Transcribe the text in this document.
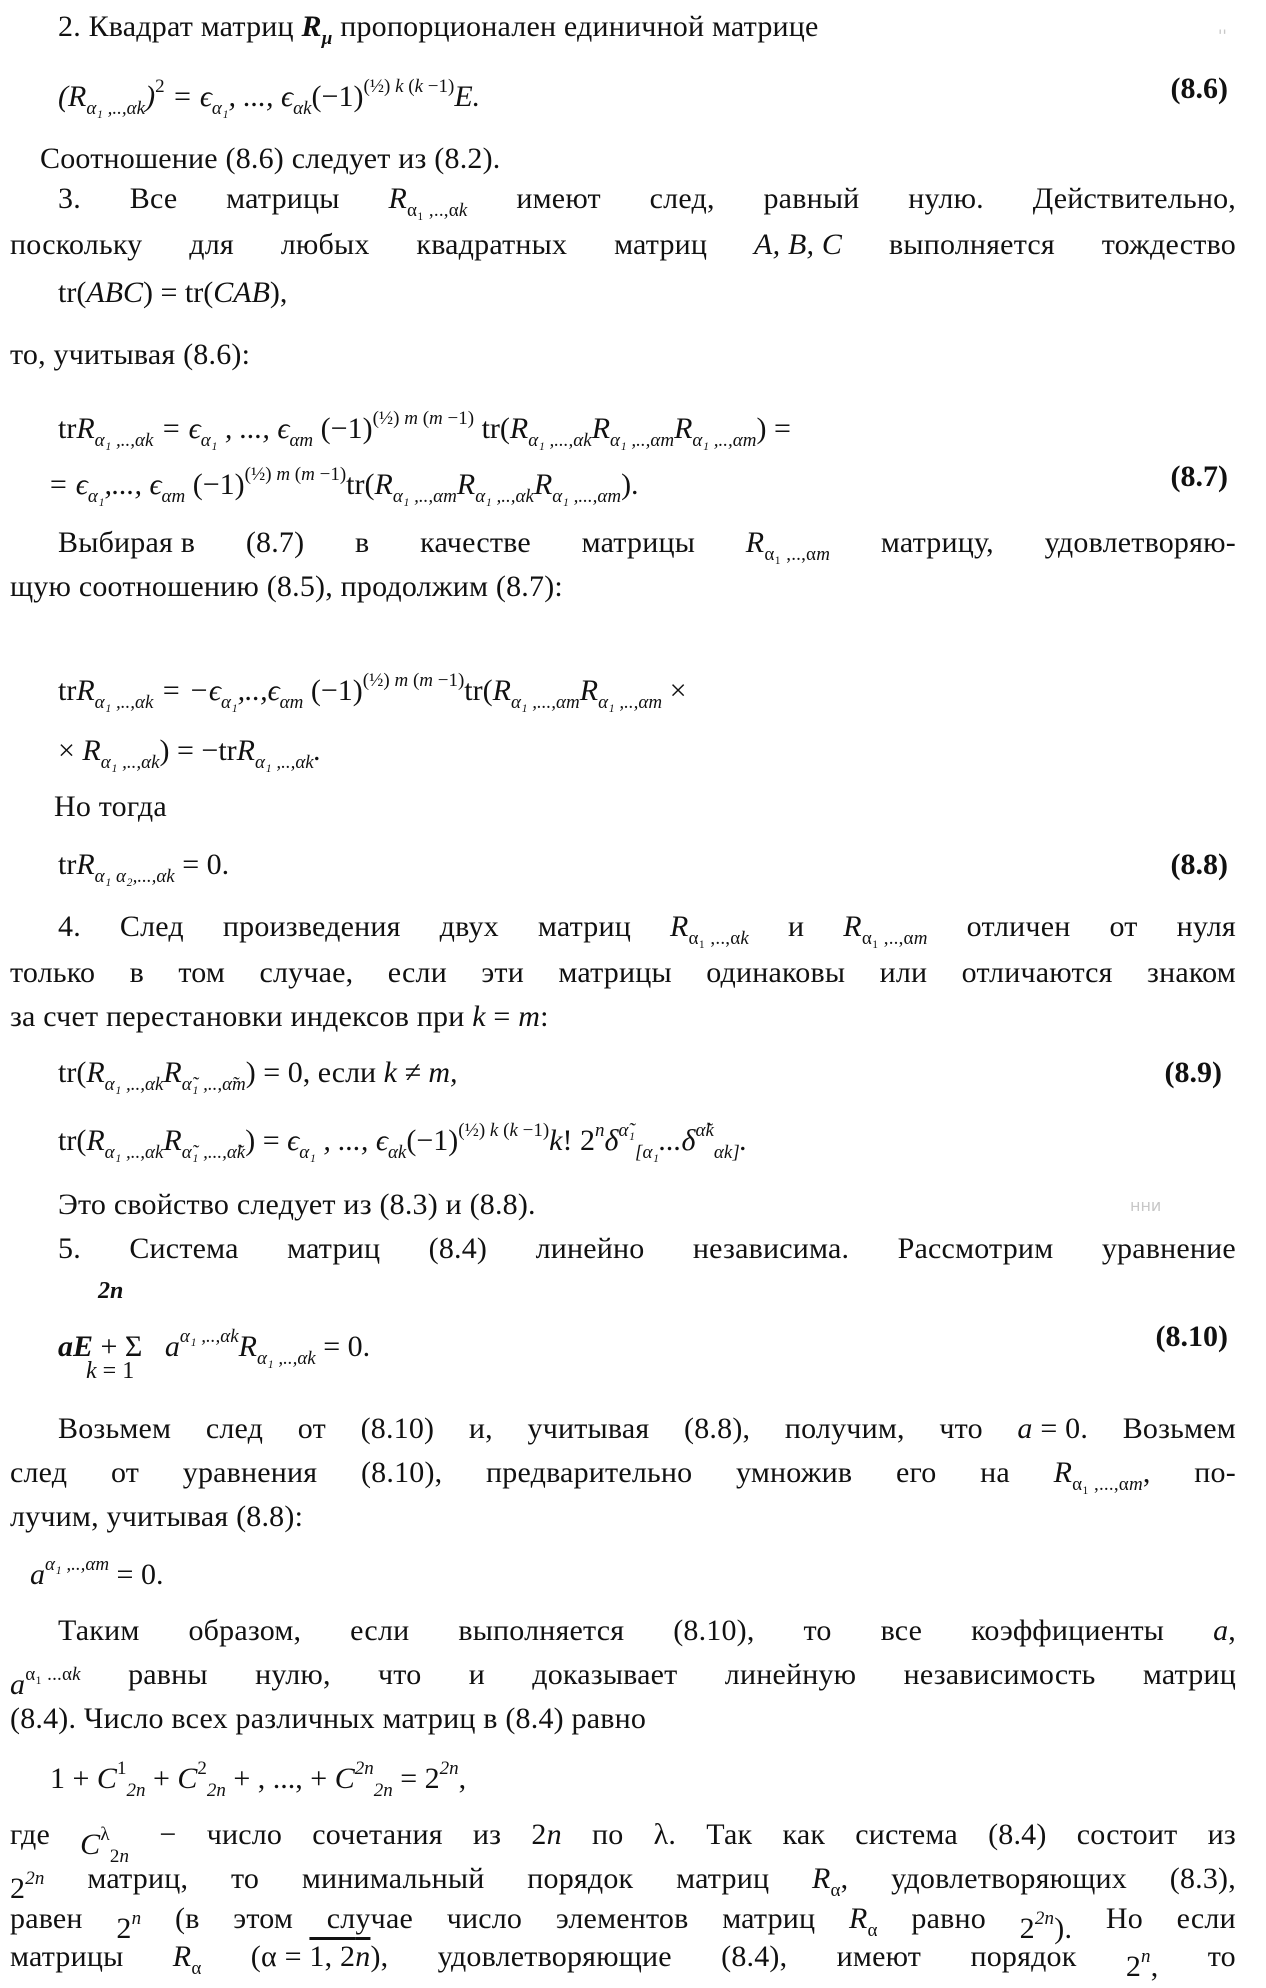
2. Квадрат матриц $R_\mu$ пропорционален единичной матрице
$(R_{\alpha_1 ,..,\alpha k})^2 = \epsilon_{\alpha_1}$, ..., $\epsilon_{\alpha k}(-1)^{(\frac{1}{2}) k (k -1)}E$.	(8.6)
Соотношение (8.6) следует из (8.2).
3. Все матрицы $R_{\alpha_1 ,..,\alpha k}$ имеют след, равный нулю. Действительно,
поскольку для любых квадратных матриц A, B, C выполняется тождество
tr(ABC) = tr(CAB),
то, учитывая (8.6):
$trR_{\alpha_1 ,..,\alpha k} = \epsilon_{\alpha_1}$ , ..., $\epsilon_{\alpha m}$ $(-1)^{(\frac{1}{2}) m (m -1)}$ $tr(R_{\alpha_1 ,...,\alpha k}R_{\alpha_1 ,..,\alpha m}R_{\alpha_1 ,..,\alpha m})$ =
= $\epsilon_{\alpha_1}$,..., $\epsilon_{\alpha m}$ $(-1)^{(\frac{1}{2}) m (m -1)}tr(R_{\alpha_1 ,..,\alpha m}R_{\alpha_1 ,..,\alpha k}R_{\alpha_1 ,...,\alpha m})$.	(8.7)
Выбирая в (8.7) в качестве матрицы $R_{\alpha_1 ,..,\alpha m}$ матрицу, удовлетворяю-
щую соотношению (8.5), продолжим (8.7):
$trR_{\alpha_1 ,..,\alpha k} = -\epsilon_{\alpha_1},..,\epsilon_{\alpha m}$ $(-1)^{(\frac{1}{2}) m (m -1)}tr(R_{\alpha_1 ,...,\alpha m}R_{\alpha_1 ,..,\alpha m}$ ×
× $R_{\alpha_1 ,..,\alpha k}) = -trR_{\alpha_1 ,..,\alpha k}$.
Но тогда
trR$_{\alpha_1 \alpha_2,...,\alpha k}$ = 0.	(8.8)
4. След произведения двух матриц $R_{\alpha_1 ,..,\alpha k}$ и $R_{\alpha_1 ,..,\alpha m}$ отличен от нуля
только в том случае, если эти матрицы одинаковы или отличаются знаком
за счет перестановки индексов при k = m:
$tr(R_{\alpha_1 ,..,\alpha k}R_{\alphã_1 ,..,\alphãm}) = 0$, если k ≠ m,	(8.9)
$tr(R_{\alpha_1 ,..,\alpha k}R_{\alphã_1 ,...,\alphãk}) = \epsilon_{\alpha_1}$ , ..., $\epsilon_{\alpha k}(-1)^{(\frac{1}{2}) k (k -1)}k$! $2^n\delta^{\alphã_1}_{[\alpha_1}...\delta^{\alphãk}_{\alpha k]}$.
Это свойство следует из (8.3) и (8.8).
5. Система матриц (8.4) линейно независима. Рассмотрим уравнение
2n
aE + Σ   $a^{\alpha_1 ,..,\alpha k}R_{\alpha_1 ,..,\alpha k} = 0$.
k = 1
(8.10)
Возьмем след от (8.10) и, учитывая (8.8), получим, что a = 0. Возьмем
след от уравнения (8.10), предварительно умножив его на $R_{\alpha_1 ,...,\alpha m}$, по-
лучим, учитывая (8.8):
$a^{\alpha_1 ,..,\alpha m} = 0$.
Таким образом, если выполняется (8.10), то все коэффициенты a,
$a^{\alpha_1 ...\alpha k}$ равны нулю, что и доказывает линейную независимость матриц
(8.4). Число всех различных матриц в (8.4) равно
$1 + C^1_{2n} + C^2_{2n}$ + , ..., + $C^{2n}_{2n} = 2^{2n}$,
где $C^\lambda_{2n}$
− число сочетания из 2n по λ. Так как система (8.4) состоит из
$2^{2n}$ матриц, то минимальный порядок матриц $R_\alpha$, удовлетворяющих (8.3),
равен 2$^n$ (в этом случае число элементов матриц $R_\alpha$ равно $2^{2n}$). Но если
матрицы $R_\alpha$ (α = 1, 2n), удовлетворяющие (8.4), имеют порядок 2$^n$, то
''
нни
